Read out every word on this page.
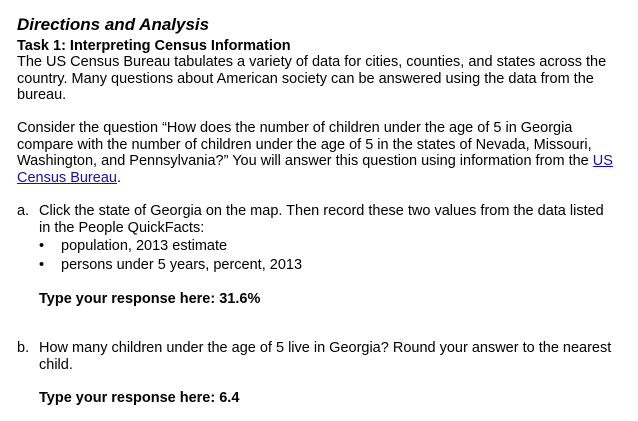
Directions and Analysis
Task 1: Interpreting Census Information

The US Census Bureau tabulates a variety of data for cities, counties, and states across the country. Many questions about American society can be answered using the data from the bureau.

Consider the question “How does the number of children under the age of 5 in Georgia compare with the number of children under the age of 5 in the states of Nevada, Missouri, Washington, and Pennsylvania?” You will answer this question using information from the US Census Bureau.

a. Click the state of Georgia on the map. Then record these two values from the data listed in the People QuickFacts:
• population, 2013 estimate
• persons under 5 years, percent, 2013
Type your response here: 31.6%
b. How many children under the age of 5 live in Georgia? Round your answer to the nearest child.
Type your response here: 6.4
